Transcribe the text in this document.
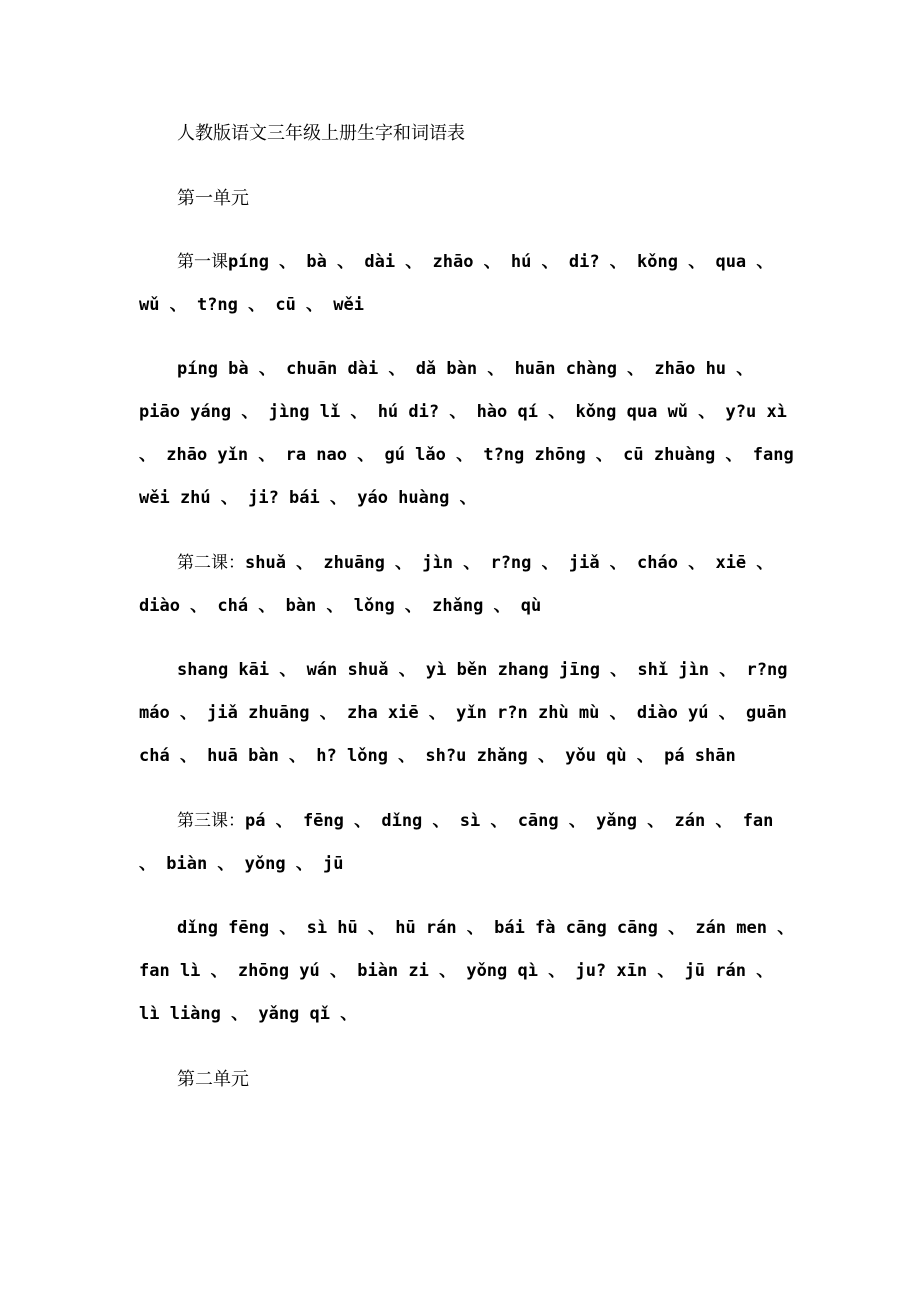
人教版语文三年级上册生字和词语表

第一单元

第一课píng 、 bà 、 dài 、 zhāo 、 hú 、 di? 、 kǒng 、 qua 、 wǔ 、 t?ng 、 cū 、 wěi

píng bà 、 chuān dài 、 dǎ bàn 、 huān chàng 、 zhāo hu 、 piāo yáng 、 jìng lǐ 、 hú di? 、 hào qí 、 kǒng qua wǔ 、 y?u xì 、 zhāo yǐn 、 ra nao 、 gú lǎo 、 t?ng zhōng 、 cū zhuàng 、 fang wěi zhú 、 ji? bái 、 yáo huàng 、

第二课：shuǎ 、 zhuāng 、 jìn 、 r?ng 、 jiǎ 、 cháo 、 xiē 、 diào 、 chá 、 bàn 、 lǒng 、 zhǎng 、 qù

shang kāi 、 wán shuǎ 、 yì běn zhang jīng 、 shǐ jìn 、 r?ng máo 、 jiǎ zhuāng 、 zha xiē 、 yǐn r?n zhù mù 、 diào yú 、 guān chá 、 huā bàn 、 h? lǒng 、 sh?u zhǎng 、 yǒu qù 、 pá shān

第三课：pá 、 fēng 、 dǐng 、 sì 、 cāng 、 yǎng 、 zán 、 fan 、 biàn 、 yǒng 、 jū

dǐng fēng 、 sì hū 、 hū rán 、 bái fà cāng cāng 、 zán men 、 fan lì 、 zhōng yú 、 biàn zi 、 yǒng qì 、 ju? xīn 、 jū rán 、 lì liàng 、 yǎng qǐ 、

第二单元
